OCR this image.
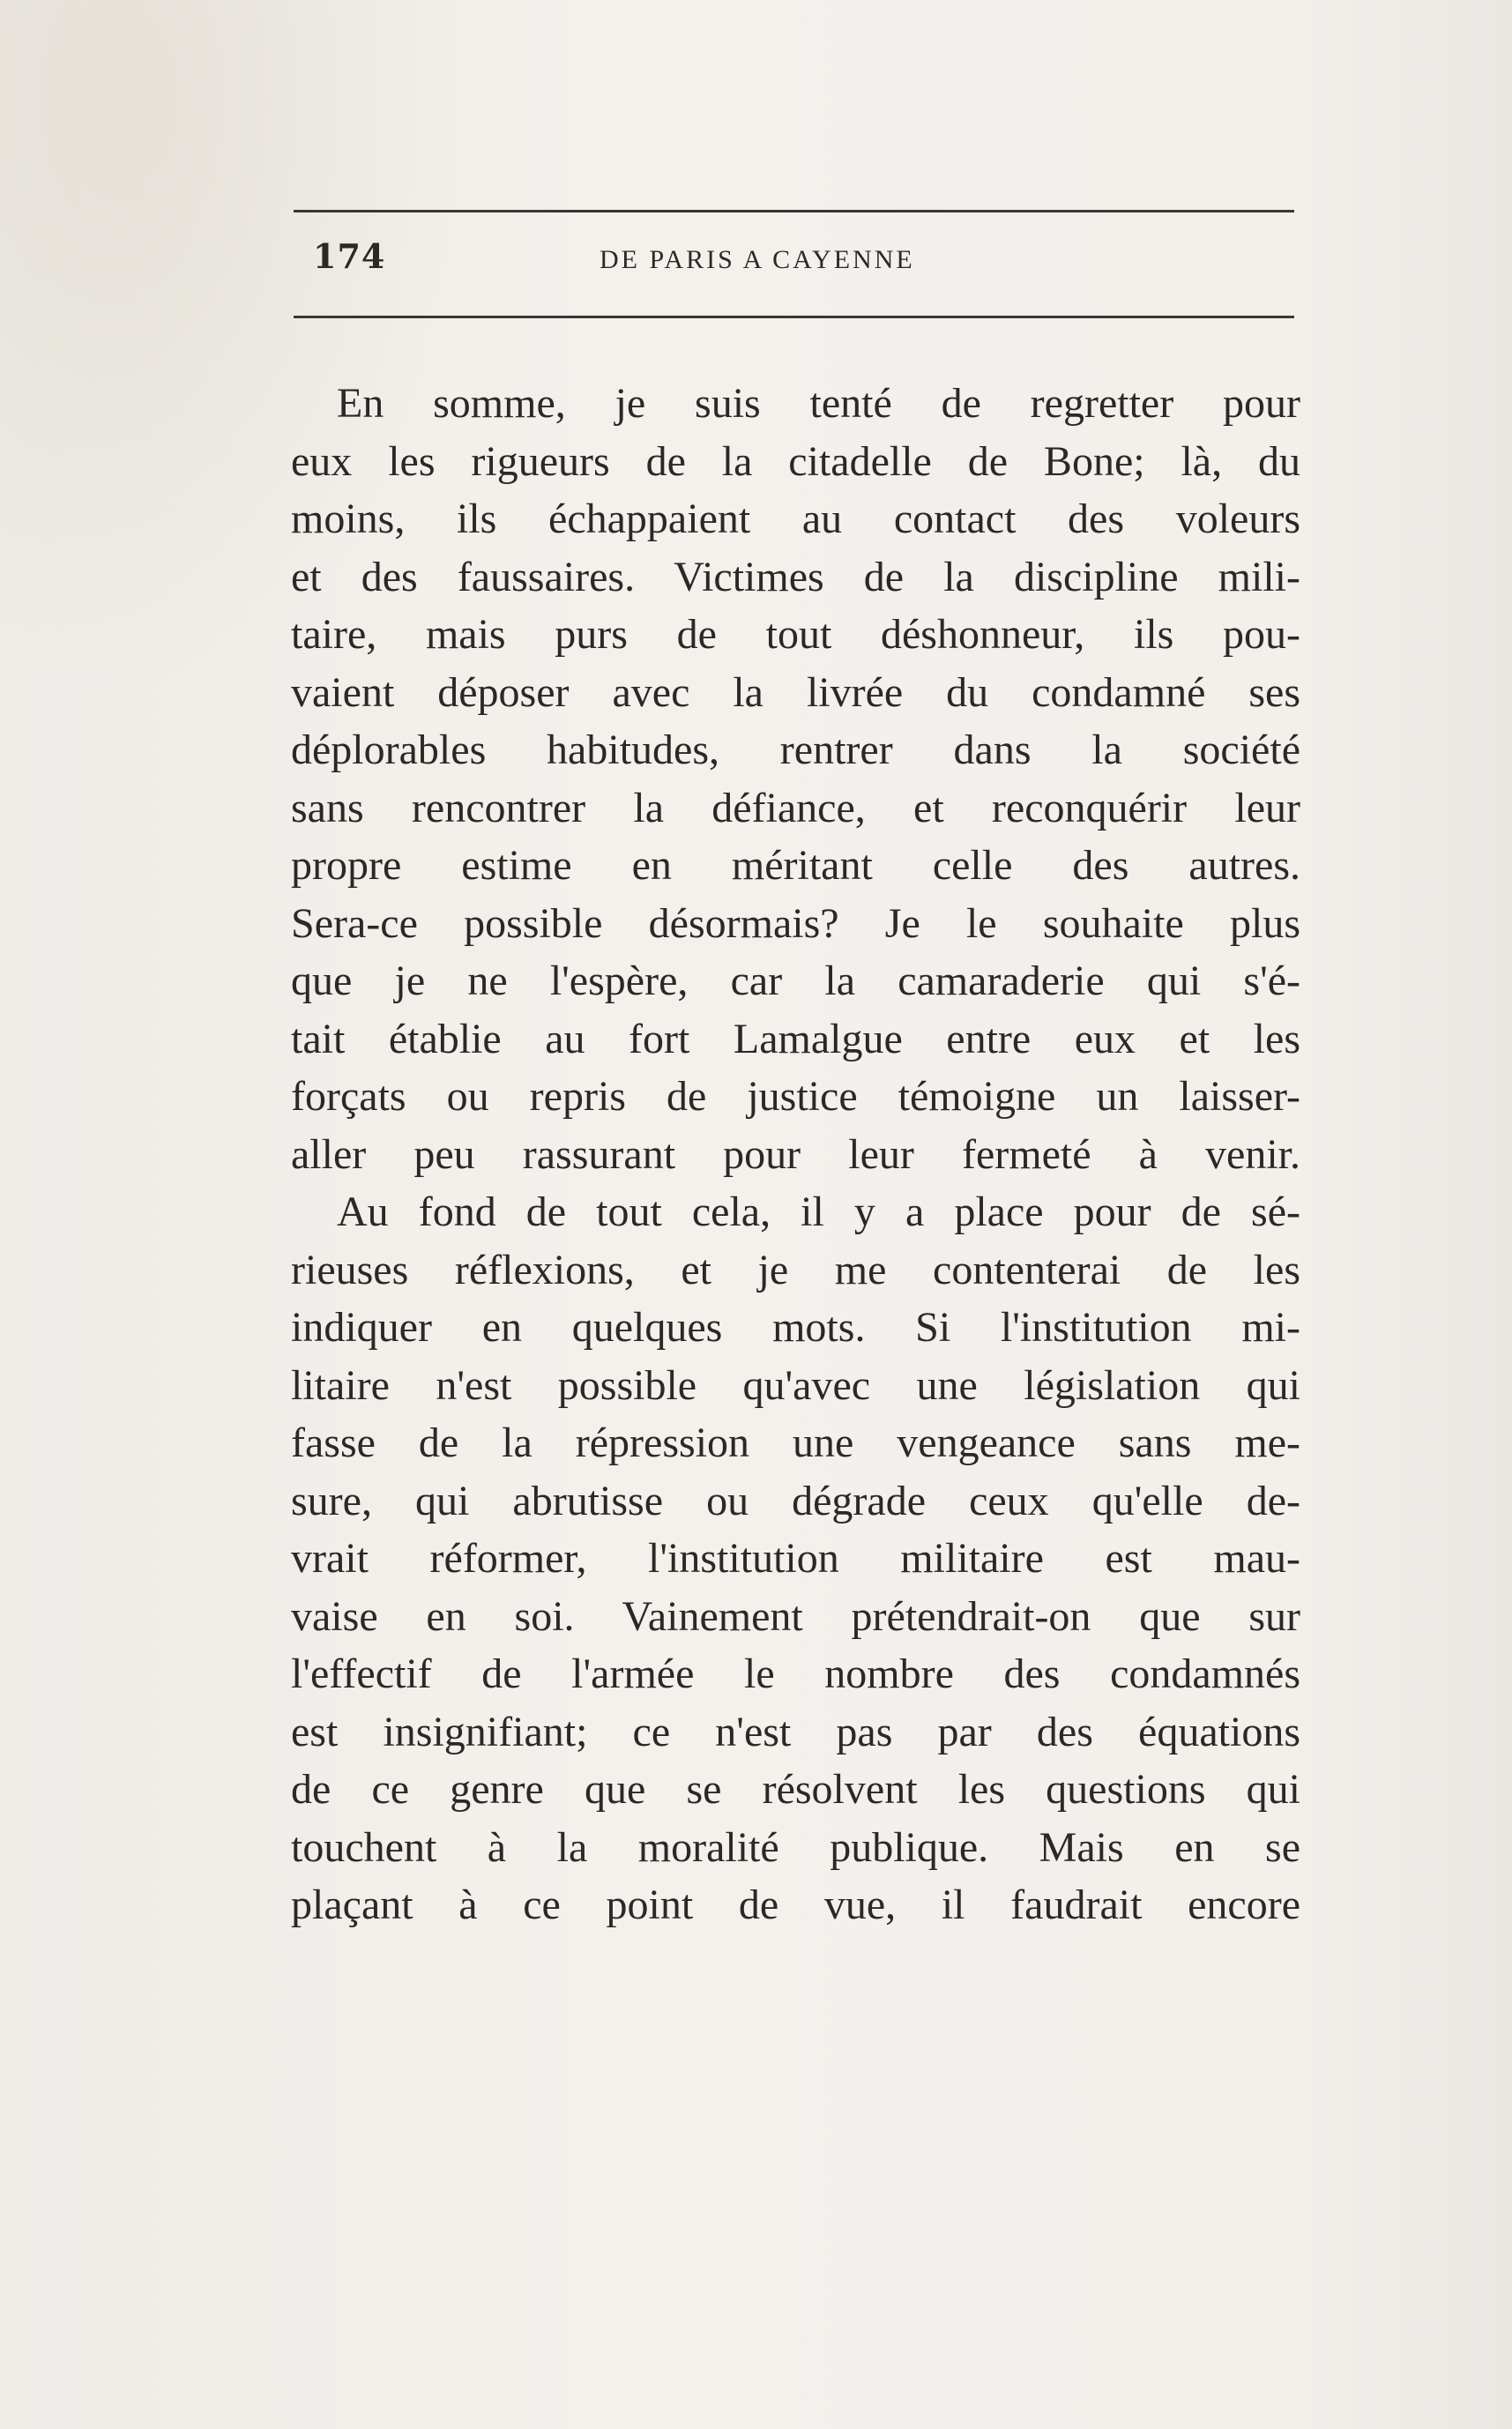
174	DE PARIS A CAYENNE
En somme, je suis tenté de regretter pour
eux les rigueurs de la citadelle de Bone; là, du
moins, ils échappaient au contact des voleurs
et des faussaires. Victimes de la discipline mili-
taire, mais purs de tout déshonneur, ils pou-
vaient déposer avec la livrée du condamné ses
déplorables habitudes, rentrer dans la société
sans rencontrer la défiance, et reconquérir leur
propre estime en méritant celle des autres.
Sera-ce possible désormais? Je le souhaite plus
que je ne l'espère, car la camaraderie qui s'é-
tait établie au fort Lamalgue entre eux et les
forçats ou repris de justice témoigne un laisser-
aller peu rassurant pour leur fermeté à venir.
Au fond de tout cela, il y a place pour de sé-
rieuses réflexions, et je me contenterai de les
indiquer en quelques mots. Si l'institution mi-
litaire n'est possible qu'avec une législation qui
fasse de la répression une vengeance sans me-
sure, qui abrutisse ou dégrade ceux qu'elle de-
vrait réformer, l'institution militaire est mau-
vaise en soi. Vainement prétendrait-on que sur
l'effectif de l'armée le nombre des condamnés
est insignifiant; ce n'est pas par des équations
de ce genre que se résolvent les questions qui
touchent à la moralité publique. Mais en se
plaçant à ce point de vue, il faudrait encore
